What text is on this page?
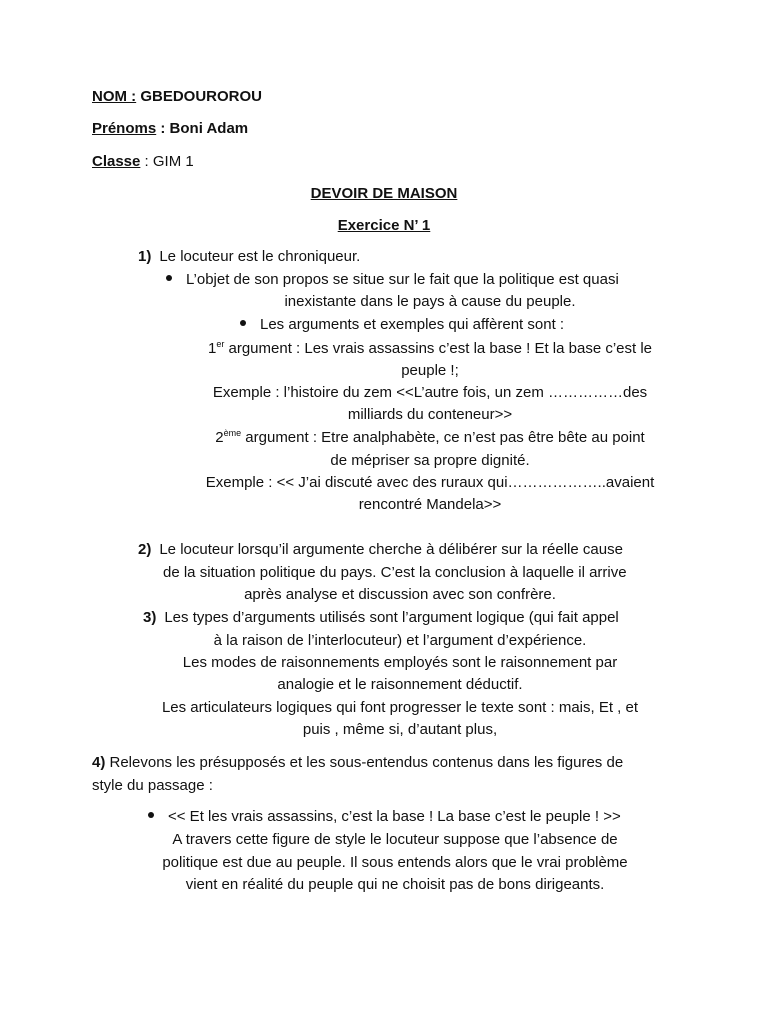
NOM : GBEDOUROROU
Prénoms : Boni Adam
Classe : GIM 1
DEVOIR DE MAISON
Exercice N’ 1
1) Le locuteur est le chroniqueur.
L’objet de son propos se situe sur le fait que la politique est quasi
inexistante dans le pays à cause du peuple.
Les arguments et exemples qui affèrent sont :
1er argument : Les vrais assassins c’est la base ! Et la base c’est le
peuple !;
Exemple : l’histoire du zem <<L’autre fois, un zem ……………des
milliards du conteneur>>
2ème argument : Etre analphabète, ce n’est pas être bête au point
de mépriser sa propre dignité.
Exemple : << J’ai discuté avec des ruraux qui………………..avaient
rencontré Mandela>>
2) Le locuteur lorsqu’il argumente cherche à délibérer sur la réelle cause
de la situation politique du pays. C’est la conclusion à laquelle il arrive
après analyse et discussion avec son confrère.
3) Les types d’arguments utilisés sont l’argument logique (qui fait appel
à la raison de l’interlocuteur) et l’argument d’expérience.
Les modes de raisonnements employés sont le raisonnement par
analogie et le raisonnement déductif.
Les articulateurs logiques qui font progresser le texte sont : mais, Et , et
puis , même si, d’autant plus,
4) Relevons les présupposés et les sous-entendus contenus dans les figures de
style du passage :
<< Et les vrais assassins, c’est la base ! La base c’est le peuple ! >>
A travers cette figure de style le locuteur suppose que l’absence de
politique est due au peuple. Il sous entends alors que le vrai problème
vient en réalité du peuple qui ne choisit pas de bons dirigeants.
